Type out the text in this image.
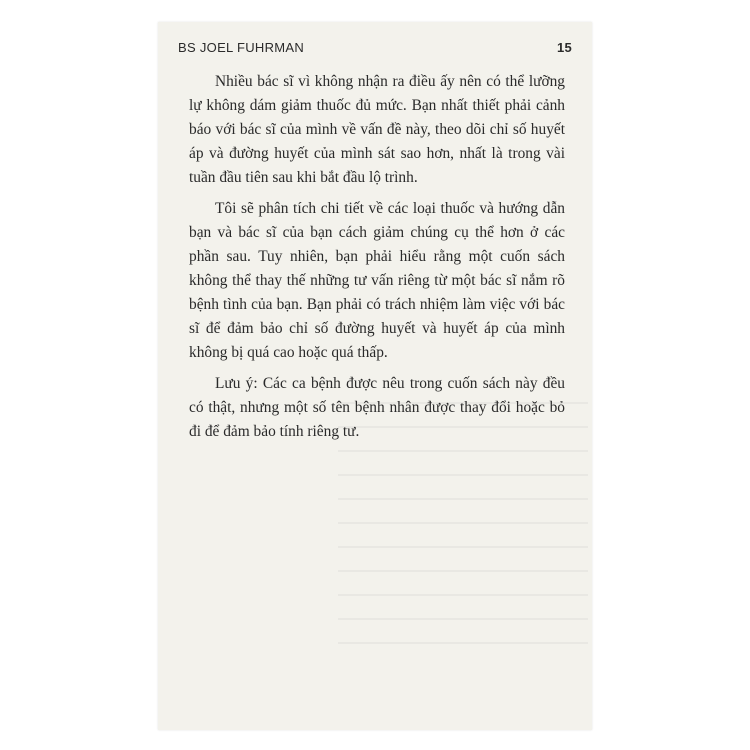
BS JOEL FUHRMAN	15

Nhiều bác sĩ vì không nhận ra điều ấy nên có thể lưỡng lự không dám giảm thuốc đủ mức. Bạn nhất thiết phải cảnh báo với bác sĩ của mình về vấn đề này, theo dõi chỉ số huyết áp và đường huyết của mình sát sao hơn, nhất là trong vài tuần đầu tiên sau khi bắt đầu lộ trình.

Tôi sẽ phân tích chi tiết về các loại thuốc và hướng dẫn bạn và bác sĩ của bạn cách giảm chúng cụ thể hơn ở các phần sau. Tuy nhiên, bạn phải hiểu rằng một cuốn sách không thể thay thế những tư vấn riêng từ một bác sĩ nắm rõ bệnh tình của bạn. Bạn phải có trách nhiệm làm việc với bác sĩ để đảm bảo chỉ số đường huyết và huyết áp của mình không bị quá cao hoặc quá thấp.

Lưu ý: Các ca bệnh được nêu trong cuốn sách này đều có thật, nhưng một số tên bệnh nhân được thay đổi hoặc bỏ đi để đảm bảo tính riêng tư.
